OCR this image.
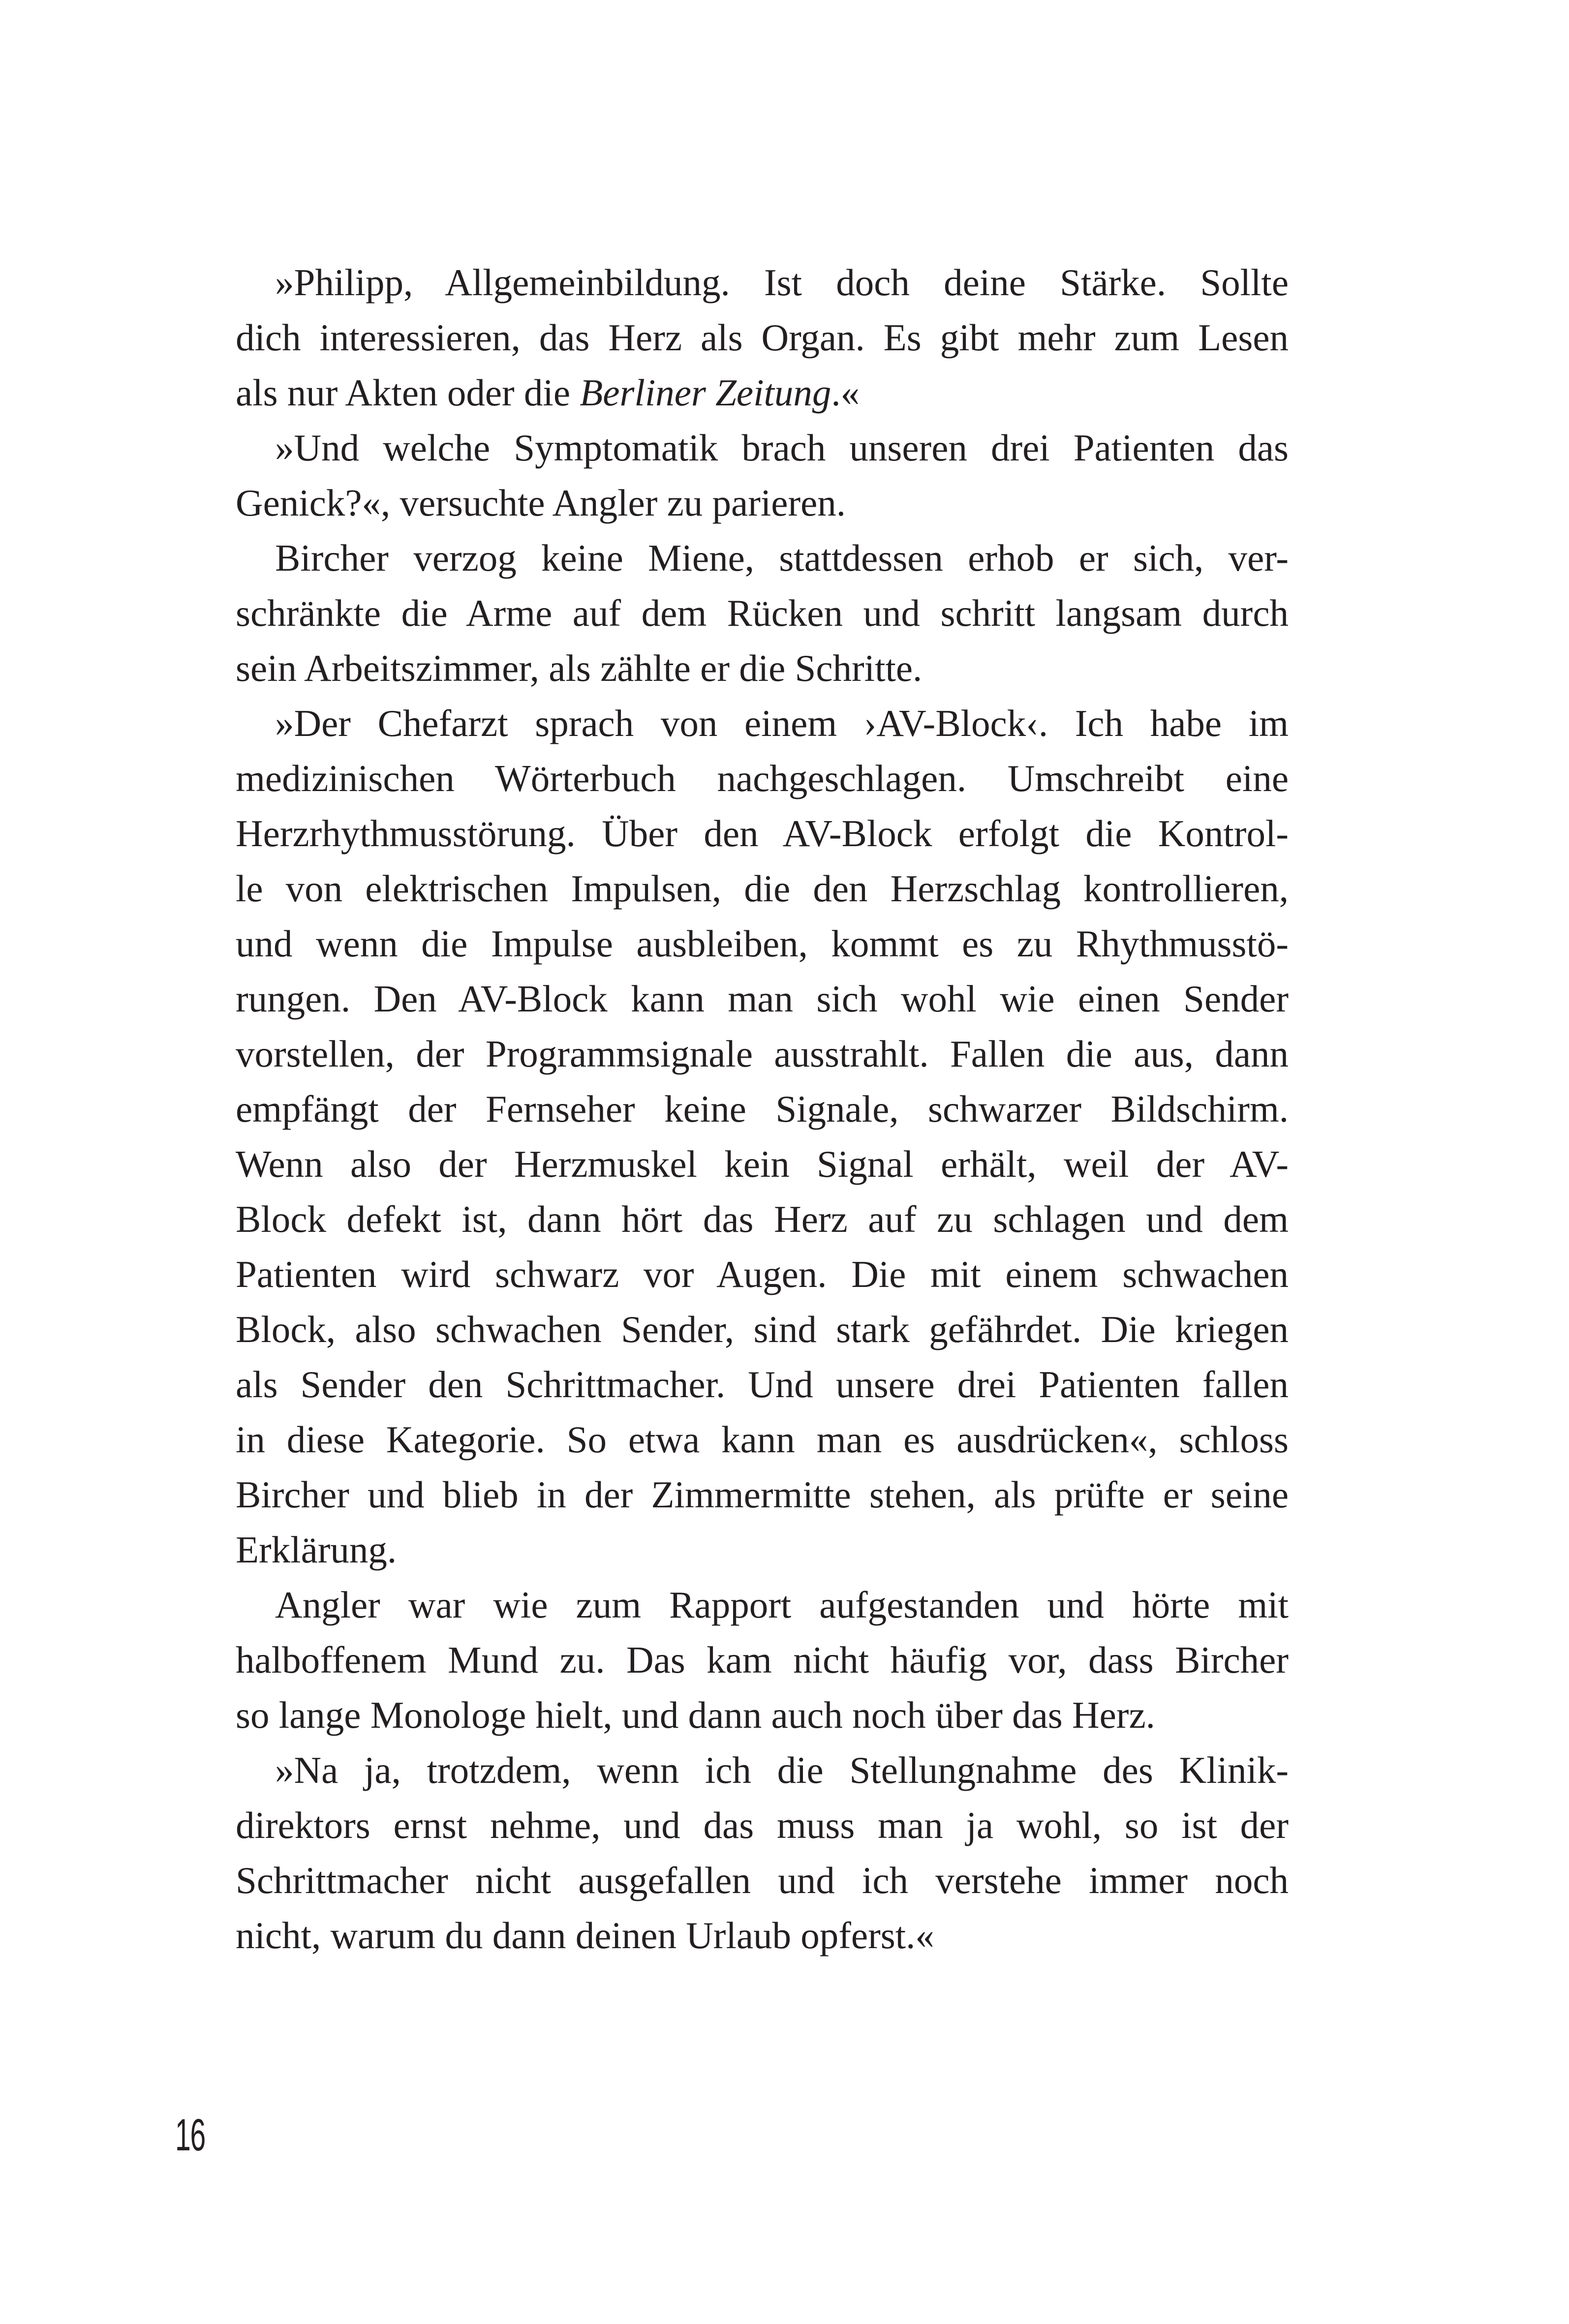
»Philipp, Allgemeinbildung. Ist doch deine Stärke. Sollte
dich interessieren, das Herz als Organ. Es gibt mehr zum Lesen
als nur Akten oder die Berliner Zeitung.«
»Und welche Symptomatik brach unseren drei Patienten das
Genick?«, versuchte Angler zu parieren.
Bircher verzog keine Miene, stattdessen erhob er sich, ver-
schränkte die Arme auf dem Rücken und schritt langsam durch
sein Arbeitszimmer, als zählte er die Schritte.
»Der Chefarzt sprach von einem ›AV-Block‹. Ich habe im
medizinischen Wörterbuch nachgeschlagen. Umschreibt eine
Herzrhythmusstörung. Über den AV-Block erfolgt die Kontrol-
le von elektrischen Impulsen, die den Herzschlag kontrollieren,
und wenn die Impulse ausbleiben, kommt es zu Rhythmusstö-
rungen. Den AV-Block kann man sich wohl wie einen Sender
vorstellen, der Programmsignale ausstrahlt. Fallen die aus, dann
empfängt der Fernseher keine Signale, schwarzer Bildschirm.
Wenn also der Herzmuskel kein Signal erhält, weil der AV-
Block defekt ist, dann hört das Herz auf zu schlagen und dem
Patienten wird schwarz vor Augen. Die mit einem schwachen
Block, also schwachen Sender, sind stark gefährdet. Die kriegen
als Sender den Schrittmacher. Und unsere drei Patienten fallen
in diese Kategorie. So etwa kann man es ausdrücken«, schloss
Bircher und blieb in der Zimmermitte stehen, als prüfte er seine
Erklärung.
Angler war wie zum Rapport aufgestanden und hörte mit
halboffenem Mund zu. Das kam nicht häufig vor, dass Bircher
so lange Monologe hielt, und dann auch noch über das Herz.
»Na ja, trotzdem, wenn ich die Stellungnahme des Klinik-
direktors ernst nehme, und das muss man ja wohl, so ist der
Schrittmacher nicht ausgefallen und ich verstehe immer noch
nicht, warum du dann deinen Urlaub opferst.«
16
